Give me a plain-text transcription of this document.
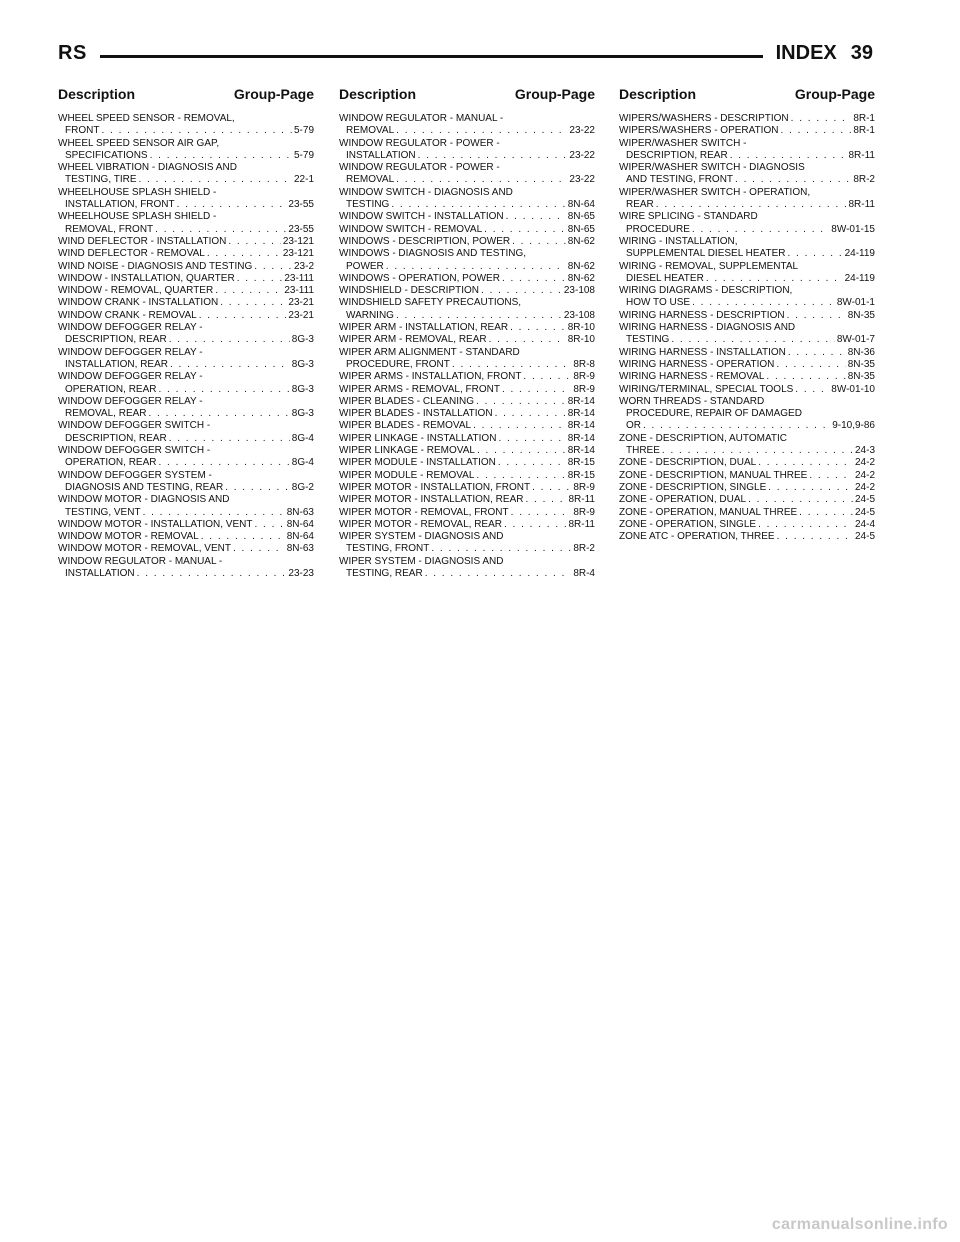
RS	INDEX 39
Description	Group-Page
WHEEL SPEED SENSOR - REMOVAL,
FRONT . . .	5-79
WHEEL SPEED SENSOR AIR GAP,
SPECIFICATIONS . . .	5-79
WHEEL VIBRATION - DIAGNOSIS AND
TESTING, TIRE . . .	22-1
WHEELHOUSE SPLASH SHIELD -
INSTALLATION, FRONT . . .	23-55
WHEELHOUSE SPLASH SHIELD -
REMOVAL, FRONT . . .	23-55
WIND DEFLECTOR - INSTALLATION . . .	23-121
WIND DEFLECTOR - REMOVAL . . .	23-121
WIND NOISE - DIAGNOSIS AND TESTING . . .	23-2
WINDOW - INSTALLATION, QUARTER . . .	23-111
WINDOW - REMOVAL, QUARTER . . .	23-111
WINDOW CRANK - INSTALLATION . . .	23-21
WINDOW CRANK - REMOVAL . . .	23-21
WINDOW DEFOGGER RELAY -
DESCRIPTION, REAR . . .	8G-3
WINDOW DEFOGGER RELAY -
INSTALLATION, REAR . . .	8G-3
WINDOW DEFOGGER RELAY -
OPERATION, REAR . . .	8G-3
WINDOW DEFOGGER RELAY -
REMOVAL, REAR . . .	8G-3
WINDOW DEFOGGER SWITCH -
DESCRIPTION, REAR . . .	8G-4
WINDOW DEFOGGER SWITCH -
OPERATION, REAR . . .	8G-4
WINDOW DEFOGGER SYSTEM -
DIAGNOSIS AND TESTING, REAR . . .	8G-2
WINDOW MOTOR - DIAGNOSIS AND
TESTING, VENT . . .	8N-63
WINDOW MOTOR - INSTALLATION, VENT . . .	8N-64
WINDOW MOTOR - REMOVAL . . .	8N-64
WINDOW MOTOR - REMOVAL, VENT . . .	8N-63
WINDOW REGULATOR - MANUAL -
INSTALLATION . . .	23-23
Description	Group-Page
WINDOW REGULATOR - MANUAL -
REMOVAL . . .	23-22
WINDOW REGULATOR - POWER -
INSTALLATION . . .	23-22
WINDOW REGULATOR - POWER -
REMOVAL . . .	23-22
WINDOW SWITCH - DIAGNOSIS AND
TESTING . . .	8N-64
WINDOW SWITCH - INSTALLATION . . .	8N-65
WINDOW SWITCH - REMOVAL . . .	8N-65
WINDOWS - DESCRIPTION, POWER . . .	8N-62
WINDOWS - DIAGNOSIS AND TESTING,
POWER . . .	8N-62
WINDOWS - OPERATION, POWER . . .	8N-62
WINDSHIELD - DESCRIPTION . . .	23-108
WINDSHIELD SAFETY PRECAUTIONS,
WARNING . . .	23-108
WIPER ARM - INSTALLATION, REAR . . .	8R-10
WIPER ARM - REMOVAL, REAR . . .	8R-10
WIPER ARM ALIGNMENT - STANDARD
PROCEDURE, FRONT . . .	8R-8
WIPER ARMS - INSTALLATION, FRONT . . .	8R-9
WIPER ARMS - REMOVAL, FRONT . . .	8R-9
WIPER BLADES - CLEANING . . .	8R-14
WIPER BLADES - INSTALLATION . . .	8R-14
WIPER BLADES - REMOVAL . . .	8R-14
WIPER LINKAGE - INSTALLATION . . .	8R-14
WIPER LINKAGE - REMOVAL . . .	8R-14
WIPER MODULE - INSTALLATION . . .	8R-15
WIPER MODULE - REMOVAL . . .	8R-15
WIPER MOTOR - INSTALLATION, FRONT . . .	8R-9
WIPER MOTOR - INSTALLATION, REAR . . .	8R-11
WIPER MOTOR - REMOVAL, FRONT . . .	8R-9
WIPER MOTOR - REMOVAL, REAR . . .	8R-11
WIPER SYSTEM - DIAGNOSIS AND
TESTING, FRONT . . .	8R-2
WIPER SYSTEM - DIAGNOSIS AND
TESTING, REAR . . .	8R-4
Description	Group-Page
WIPERS/WASHERS - DESCRIPTION . . .	8R-1
WIPERS/WASHERS - OPERATION . . .	8R-1
WIPER/WASHER SWITCH -
DESCRIPTION, REAR . . .	8R-11
WIPER/WASHER SWITCH - DIAGNOSIS
AND TESTING, FRONT . . .	8R-2
WIPER/WASHER SWITCH - OPERATION,
REAR . . .	8R-11
WIRE SPLICING - STANDARD
PROCEDURE . . .	8W-01-15
WIRING - INSTALLATION,
SUPPLEMENTAL DIESEL HEATER . . .	24-119
WIRING - REMOVAL, SUPPLEMENTAL
DIESEL HEATER . . .	24-119
WIRING DIAGRAMS - DESCRIPTION,
HOW TO USE . . .	8W-01-1
WIRING HARNESS - DESCRIPTION . . .	8N-35
WIRING HARNESS - DIAGNOSIS AND
TESTING . . .	8W-01-7
WIRING HARNESS - INSTALLATION . . .	8N-36
WIRING HARNESS - OPERATION . . .	8N-35
WIRING HARNESS - REMOVAL . . .	8N-35
WIRING/TERMINAL, SPECIAL TOOLS . . .	8W-01-10
WORN THREADS - STANDARD
PROCEDURE, REPAIR OF DAMAGED
OR . . .	9-10,9-86
ZONE - DESCRIPTION, AUTOMATIC
THREE . . .	24-3
ZONE - DESCRIPTION, DUAL . . .	24-2
ZONE - DESCRIPTION, MANUAL THREE . . .	24-2
ZONE - DESCRIPTION, SINGLE . . .	24-2
ZONE - OPERATION, DUAL . . .	24-5
ZONE - OPERATION, MANUAL THREE . . .	24-5
ZONE - OPERATION, SINGLE . . .	24-4
ZONE ATC - OPERATION, THREE . . .	24-5
carmanualsonline.info
